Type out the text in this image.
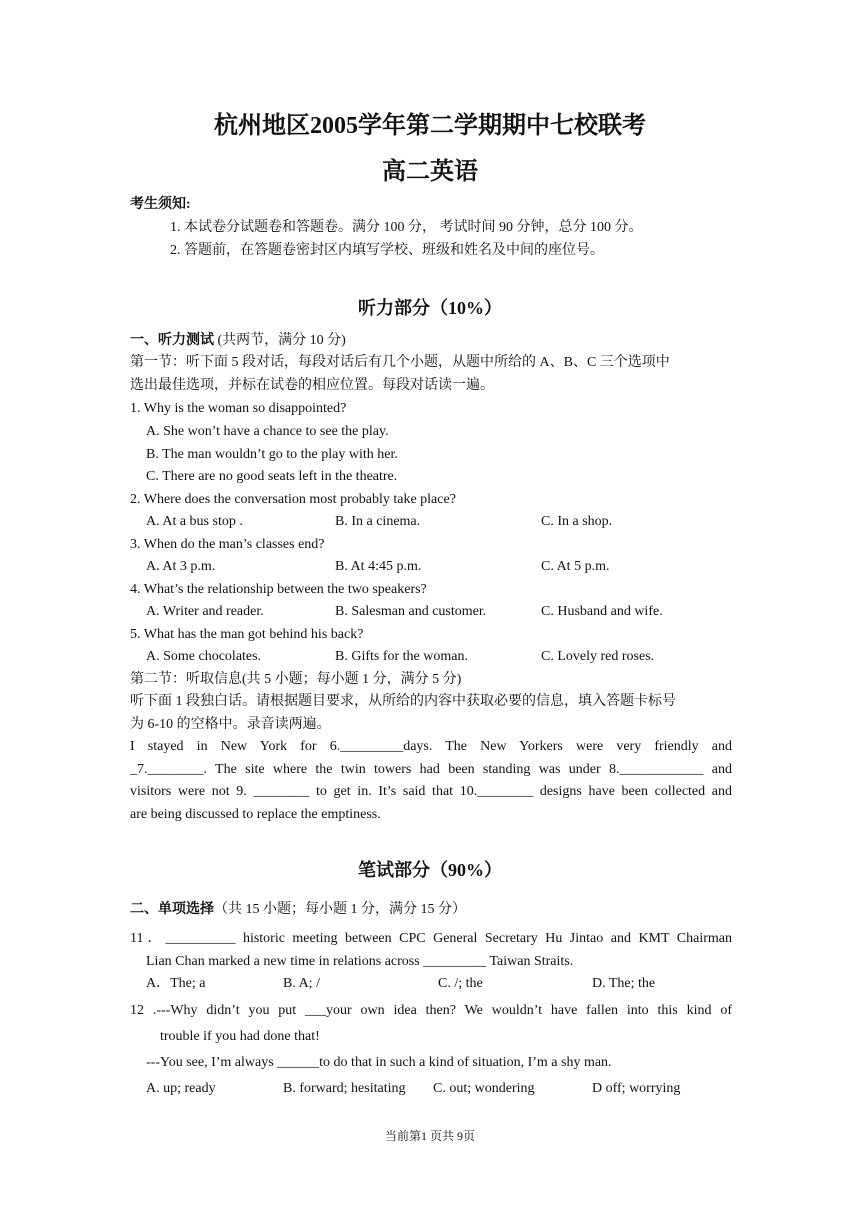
杭州地区2005学年第二学期期中七校联考
高二英语
考生须知:
1. 本试卷分试题卷和答题卷。满分 100 分， 考试时间 90 分钟，总分 100 分。
2. 答题前，在答题卷密封区内填写学校、班级和姓名及中间的座位号。
听力部分（10%）
一、听力测试 (共两节，满分 10 分)
第一节：听下面 5 段对话，每段对话后有几个小题，从题中所给的 A、B、C 三个选项中
选出最佳选项，并标在试卷的相应位置。每段对话读一遍。
1. Why is the woman so disappointed?
A. She won’t have a chance to see the play.
B. The man wouldn’t go to the play with her.
C. There are no good seats left in the theatre.
2. Where does the conversation most probably take place?
A. At a bus stop .	B. In a cinema.	C. In a shop.
3. When do the man’s classes end?
A. At 3 p.m.	B. At 4:45 p.m.	C. At 5 p.m.
4. What’s the relationship between the two speakers?
A. Writer and reader.	B. Salesman and customer.	C. Husband and wife.
5. What has the man got behind his back?
A. Some chocolates.	B. Gifts for the woman.	C. Lovely red roses.
第二节：听取信息(共 5 小题；每小题 1 分，满分 5 分)
听下面 1 段独白话。请根据题目要求，从所给的内容中获取必要的信息，填入答题卡标号
为 6-10 的空格中。录音读两遍。
I stayed in New York for 6._________days. The New Yorkers were very friendly and
_7.________. The site where the twin towers had been standing was under 8.____________ and
visitors were not 9. ________ to get in. It’s said that 10.________ designs have been collected and
are being discussed to replace the emptiness.
笔试部分（90%）
二、单项选择（共 15 小题；每小题 1 分，满分 15 分）
11．__________ historic meeting between CPC General Secretary Hu Jintao and KMT Chairman
Lian Chan marked a new time in relations across _________ Taiwan Straits.
A．The; a	B. A; /	C. /; the	D. The; the
12 .---Why didn’t you put ___your own idea then? We wouldn’t have fallen into this kind of
trouble if you had done that!
---You see, I’m always ______to do that in such a kind of situation, I’m a shy man.
A. up; ready	B. forward; hesitating C. out; wondering	D off; worrying
当前第1 页共 9页
